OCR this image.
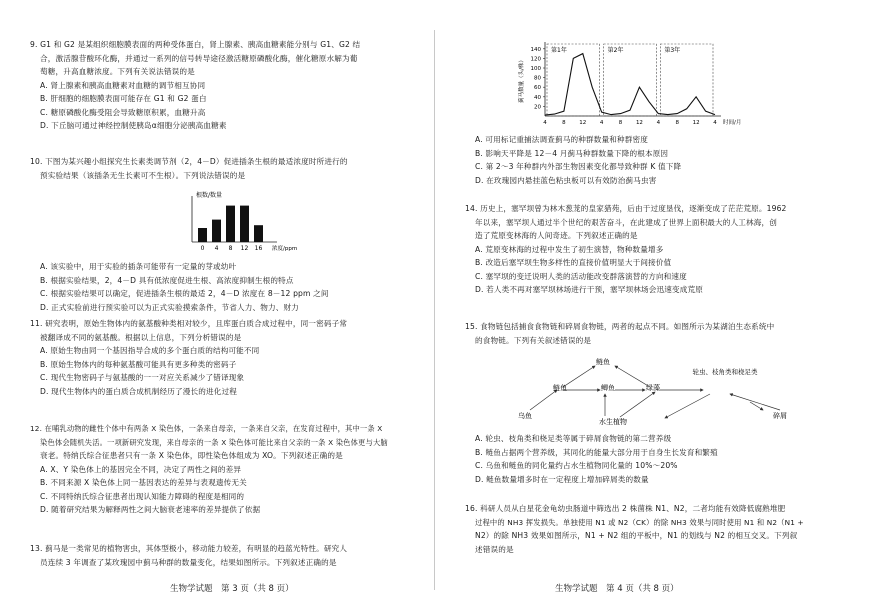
9. G1 和 G2 是某组织细胞膜表面的两种受体蛋白，肾上腺素、胰高血糖素能分别与 G1、G2 结
合，激活腺苷酸环化酶，并通过一系列的信号转导途径激活糖原磷酸化酶，催化糖原水解为葡
萄糖，升高血糖浓度。下列有关说法错误的是
A. 肾上腺素和胰高血糖素对血糖的调节相互协同
B. 肝细胞的细胞膜表面可能存在 G1 和 G2 蛋白
C. 糖原磷酸化酶受阻会导致糖原积累，血糖升高
D. 下丘脑可通过神经控制使胰岛α细胞分泌胰高血糖素
10. 下图为某兴趣小组探究生长素类调节剂（2，4－D）促进插条生根的最适浓度时所进行的
预实验结果（该插条无生长素可不生根）。下列说法错误的是
根数/数量
0 4 8 12 16 浓度/ppm
A. 该实验中，用于实验的插条可能带有一定量的芽或幼叶
B. 根据实验结果，2，4－D 具有低浓度促进生根、高浓度抑制生根的特点
C. 根据实验结果可以确定，促进插条生根的最适 2，4－D 浓度在 8－12 ppm 之间
D. 正式实验前进行预实验可以为正式实验摸索条件，节省人力、物力、财力
11. 研究表明，原始生物体内的氨基酸种类相对较少，且库蛋白质合成过程中，同一密码子常
被翻译成不同的氨基酸。根据以上信息，下列分析错误的是
A. 原始生物由同一个基因指导合成的多个蛋白质的结构可能不同
B. 原始生物体内的每种氨基酸可能具有更多种类的密码子
C. 现代生物密码子与氨基酸的一一对应关系减少了错译现象
D. 现代生物体内的蛋白质合成机制经历了漫长的进化过程
12. 在哺乳动物的雌性个体中有两条 X 染色体，一条来自母亲，一条来自父亲，在发育过程中，其中一条 X
染色体会随机失活。一项新研究发现，来自母亲的一条 X 染色体可能比来自父亲的一条 X 染色体更与大脑
衰老。特纳氏综合征患者只有一条 X 染色体，即性染色体组成为 XO。下列叙述正确的是
A. X、Y 染色体上的基因完全不同，决定了两性之间的差异
B. 不同来源 X 染色体上同一基因表达的差异与表观遗传无关
C. 不同特纳氏综合征患者出现认知能力障碍的程度是相同的
D. 随着研究结果为解释两性之间大脑衰老速率的差异提供了依据
13. 蓟马是一类常见的植物害虫，其体型极小，移动能力较差，有明显的趋蓝光特性。研究人
员连续 3 年调查了某玫瑰园中蓟马种群的数量变化，结果如图所示。下列叙述正确的是
生物学试题　第 3 页（共 8 页）
第1年	第2年	第3年
20
40
60
80
100
120
140
4	8 12 4	8 12 4	8 12 4 时间/月
蓟马数量（头/株）
A. 可用标记重捕法调查蓟马的种群数量和种群密度
B. 影响天平降是 12－4 月蓟马种群数量下降的根本原因
C. 第 2～3 年种群内外部生物因素变化都导致种群 K 值下降
D. 在玫瑰园内悬挂蓝色粘虫板可以有效防治蓟马虫害
14. 历史上，塞罕坝曾为林木葱茏的皇家猎苑，后由于过度垦伐，逐渐变成了茫茫荒原。1962
年以来，塞罕坝人通过半个世纪的艰苦奋斗，在此建成了世界上面积最大的人工林海，创
造了荒原变林海的人间奇迹。下列叙述正确的是
A. 荒原变林海的过程中发生了初生演替，物种数量增多
B. 改造后塞罕坝生物多样性的直接价值明显大于间接价值
C. 塞罕坝的变迁说明人类的活动能改变群落演替的方向和速度
D. 若人类不再对塞罕坝林场进行干预，塞罕坝林场会迅速变成荒原
15. 食物链包括捕食食物链和碎屑食物链，两者的起点不同。如图所示为某湖泊生态系统中
的食物链。下列有关叙述错误的是
鲢鱼
乌鱼
鲢鱼	鲫鱼	绿藻
轮虫、枝角类和桡足类
碎屑
水生植物
A. 轮虫、枝角类和桡足类等属于碎屑食物链的第二营养级
B. 鲢鱼占据两个营养级，其同化的能量大部分用于自身生长发育和繁殖
C. 乌鱼和鲢鱼的同化量约占水生植物同化量的 10%～20%
D. 鲢鱼数量增多时在一定程度上增加碎屑类的数量
16. 科研人员从白星花金龟幼虫肠道中筛选出 2 株菌株 N1、N2，二者均能有效降低腐熟堆肥
过程中的 NH3 挥发损失。单独使用 N1 或 N2（CK）的除 NH3 效果与同时使用 N1 和 N2（N1 +
N2）的除 NH3 效果如图所示，N1 + N2 组的平板中，N1 的划线与 N2 的相互交叉。下列叙
述错误的是
生物学试题　第 4 页（共 8 页）
